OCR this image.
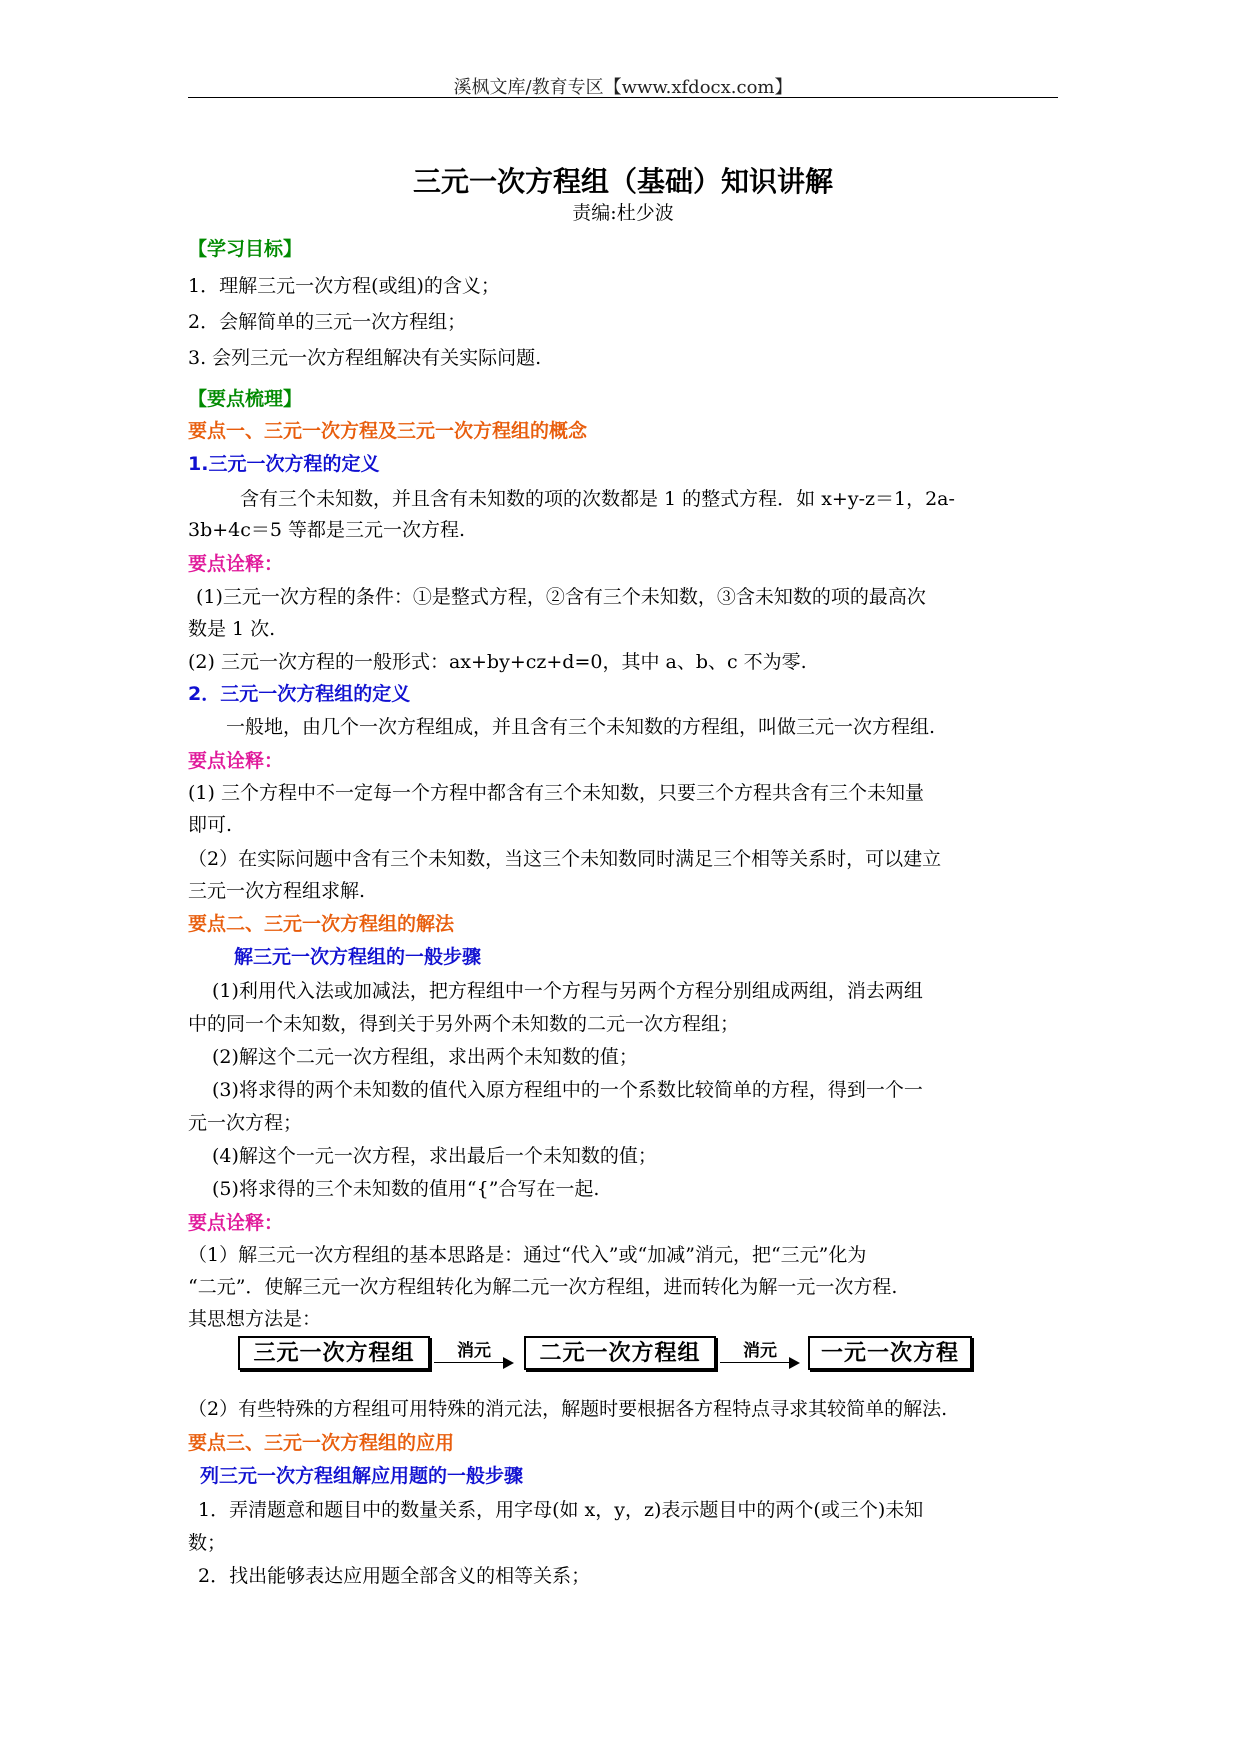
溪枫文库/教育专区【www.xfdocx.com】
三元一次方程组（基础）知识讲解
责编:杜少波
【学习目标】
1．理解三元一次方程(或组)的含义；
2．会解简单的三元一次方程组；
3. 会列三元一次方程组解决有关实际问题.
【要点梳理】
要点一、三元一次方程及三元一次方程组的概念
1.三元一次方程的定义
含有三个未知数，并且含有未知数的项的次数都是 1 的整式方程．如 x+y-z＝1，2a-
3b+4c＝5 等都是三元一次方程.
要点诠释：
(1)三元一次方程的条件：①是整式方程，②含有三个未知数，③含未知数的项的最高次
数是 1 次.
(2) 三元一次方程的一般形式：ax+by+cz+d=0，其中 a、b、c 不为零.
2．三元一次方程组的定义
一般地，由几个一次方程组成，并且含有三个未知数的方程组，叫做三元一次方程组.
要点诠释：
(1) 三个方程中不一定每一个方程中都含有三个未知数，只要三个方程共含有三个未知量
即可.
（2）在实际问题中含有三个未知数，当这三个未知数同时满足三个相等关系时，可以建立
三元一次方程组求解.
要点二、三元一次方程组的解法
解三元一次方程组的一般步骤
(1)利用代入法或加减法，把方程组中一个方程与另两个方程分别组成两组，消去两组
中的同一个未知数，得到关于另外两个未知数的二元一次方程组；
(2)解这个二元一次方程组，求出两个未知数的值；
(3)将求得的两个未知数的值代入原方程组中的一个系数比较简单的方程，得到一个一
元一次方程；
(4)解这个一元一次方程，求出最后一个未知数的值；
(5)将求得的三个未知数的值用“{”合写在一起.
要点诠释：
（1）解三元一次方程组的基本思路是：通过“代入”或“加减”消元，把“三元”化为
“二元”．使解三元一次方程组转化为解二元一次方程组，进而转化为解一元一次方程.
其思想方法是：
三元一次方程组	消元	二元一次方程组	消元	一元一次方程
（2）有些特殊的方程组可用特殊的消元法，解题时要根据各方程特点寻求其较简单的解法.
要点三、三元一次方程组的应用
列三元一次方程组解应用题的一般步骤
1．弄清题意和题目中的数量关系，用字母(如 x，y，z)表示题目中的两个(或三个)未知
数；
2．找出能够表达应用题全部含义的相等关系；
